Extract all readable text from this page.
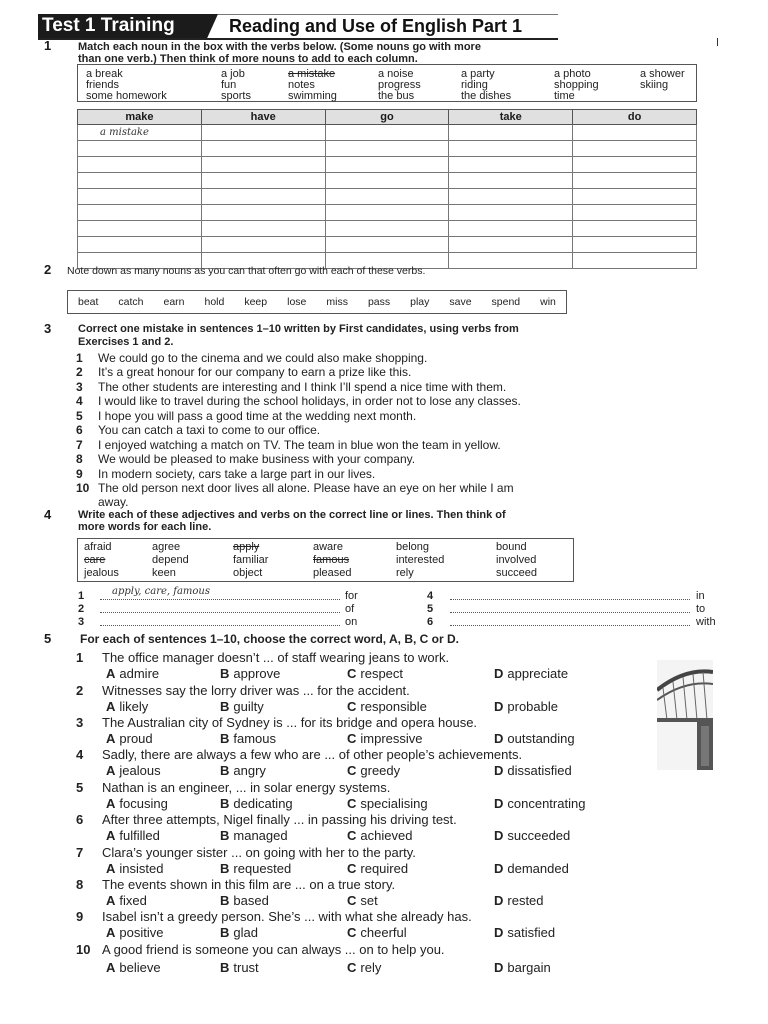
Test 1 Training	Reading and Use of English Part 1
1 Match each noun in the box with the verbs below. (Some nouns go with more
than one verb.) Then think of more nouns to add to each column.
a break	a job	a mistake	a noise	a party	a photo	a shower
friends	fun	notes	progress	riding	shopping	skiing
some homework	sports	swimming	the bus	the dishes	time
make	have	go	take	do
a mistake				

2 Note down as many nouns as you can that often go with each of these verbs.
beat catch earn hold keep lose miss pass play save spend win
3 Correct one mistake in sentences 1–10 written by First candidates, using verbs from
Exercises 1 and 2.
1 We could go to the cinema and we could also make shopping.
2 It’s a great honour for our company to earn a prize like this.
3 The other students are interesting and I think I’ll spend a nice time with them.
4 I would like to travel during the school holidays, in order not to lose any classes.
5 I hope you will pass a good time at the wedding next month.
6 You can catch a taxi to come to our office.
7 I enjoyed watching a match on TV. The team in blue won the team in yellow.
8 We would be pleased to make business with your company.
9 In modern society, cars take a large part in our lives.
10 The old person next door lives all alone. Please have an eye on her while I am
away.
4 Write each of these adjectives and verbs on the correct line or lines. Then think of
more words for each line.
afraid	agree	apply	aware	belong	bound
care	depend	familiar	famous	interested	involved
jealous	keen	object	pleased	rely	succeed
1	apply, care, famous	for
2	of
3	on
4	in
5	to
6	with
5 For each of sentences 1–10, choose the correct word, A, B, C or D.
1 The office manager doesn’t ... of staff wearing jeans to work.
A admire	B approve	C respect	D appreciate
2 Witnesses say the lorry driver was ... for the accident.
A likely	B guilty	C responsible	D probable
3 The Australian city of Sydney is ... for its bridge and opera house.
A proud	B famous	C impressive	D outstanding
4 Sadly, there are always a few who are ... of other people’s achievements.
A jealous	B angry	C greedy	D dissatisfied
5 Nathan is an engineer, ... in solar energy systems.
A focusing	B dedicating	C specialising	D concentrating
6 After three attempts, Nigel finally ... in passing his driving test.
A fulfilled	B managed	C achieved	D succeeded
7 Clara’s younger sister ... on going with her to the party.
A insisted	B requested	C required	D demanded
8 The events shown in this film are ... on a true story.
A fixed	B based	C set	D rested
9 Isabel isn’t a greedy person. She’s ... with what she already has.
A positive	B glad	C cheerful	D satisfied
10 A good friend is someone you can always ... on to help you.
A believe	B trust	C rely	D bargain
